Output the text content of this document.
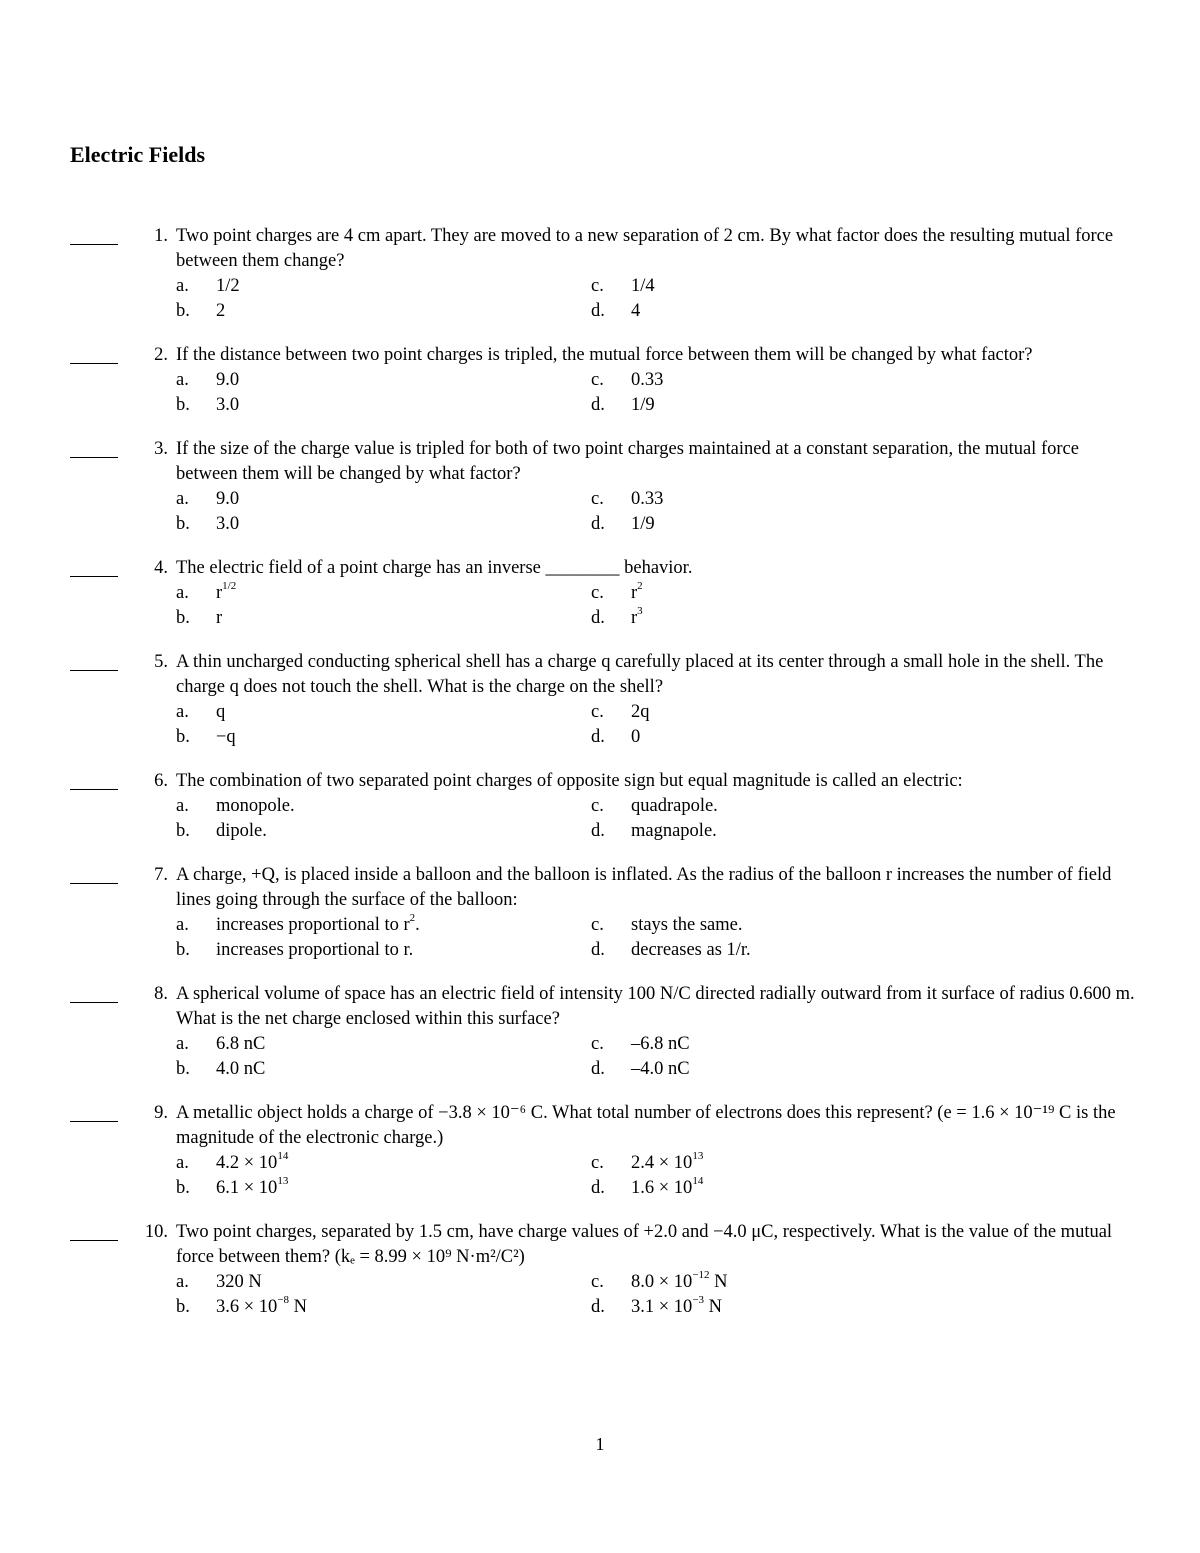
Electric Fields
1. Two point charges are 4 cm apart. They are moved to a new separation of 2 cm. By what factor does the resulting mutual force between them change?
a.	1/2	c.	1/4
b.	2	d.	4
2. If the distance between two point charges is tripled, the mutual force between them will be changed by what factor?
a.	9.0	c.	0.33
b.	3.0	d.	1/9
3. If the size of the charge value is tripled for both of two point charges maintained at a constant separation, the mutual force between them will be changed by what factor?
a.	9.0	c.	0.33
b.	3.0	d.	1/9
4. The electric field of a point charge has an inverse ________ behavior.
a.	$r^{1/2}$	c.	$r^2$
b.	r	d.	$r^3$
5. A thin uncharged conducting spherical shell has a charge q carefully placed at its center through a small hole in the shell. The charge q does not touch the shell. What is the charge on the shell?
a.	q	c.	2q
b.	−q	d.	0
6. The combination of two separated point charges of opposite sign but equal magnitude is called an electric:
a.	monopole.	c.	quadrapole.
b.	dipole.	d.	magnapole.
7. A charge, +Q, is placed inside a balloon and the balloon is inflated. As the radius of the balloon r increases the number of field lines going through the surface of the balloon:
a.	increases proportional to $r^2$.	c.	stays the same.
b.	increases proportional to r.	d.	decreases as 1/r.
8. A spherical volume of space has an electric field of intensity 100 N/C directed radially outward from it surface of radius 0.600 m. What is the net charge enclosed within this surface?
a.	6.8 nC	c.	–6.8 nC
b.	4.0 nC	d.	–4.0 nC
9. A metallic object holds a charge of −3.8 × 10⁻⁶ C. What total number of electrons does this represent? (e = 1.6 × 10⁻¹⁹ C is the magnitude of the electronic charge.)
a.	$4.2 \times 10^{14}$	c.	$2.4 \times 10^{13}$
b.	$6.1 \times 10^{13}$	d.	$1.6 \times 10^{14}$
10. Two point charges, separated by 1.5 cm, have charge values of +2.0 and −4.0 μC, respectively. What is the value of the mutual force between them? (kₑ = 8.99 × 10⁹ N·m²/C²)
a.	320 N	c.	$8.0 \times 10^{-12}$ N
b.	$3.6 \times 10^{-8}$ N	d.	$3.1 \times 10^{-3}$ N
1
